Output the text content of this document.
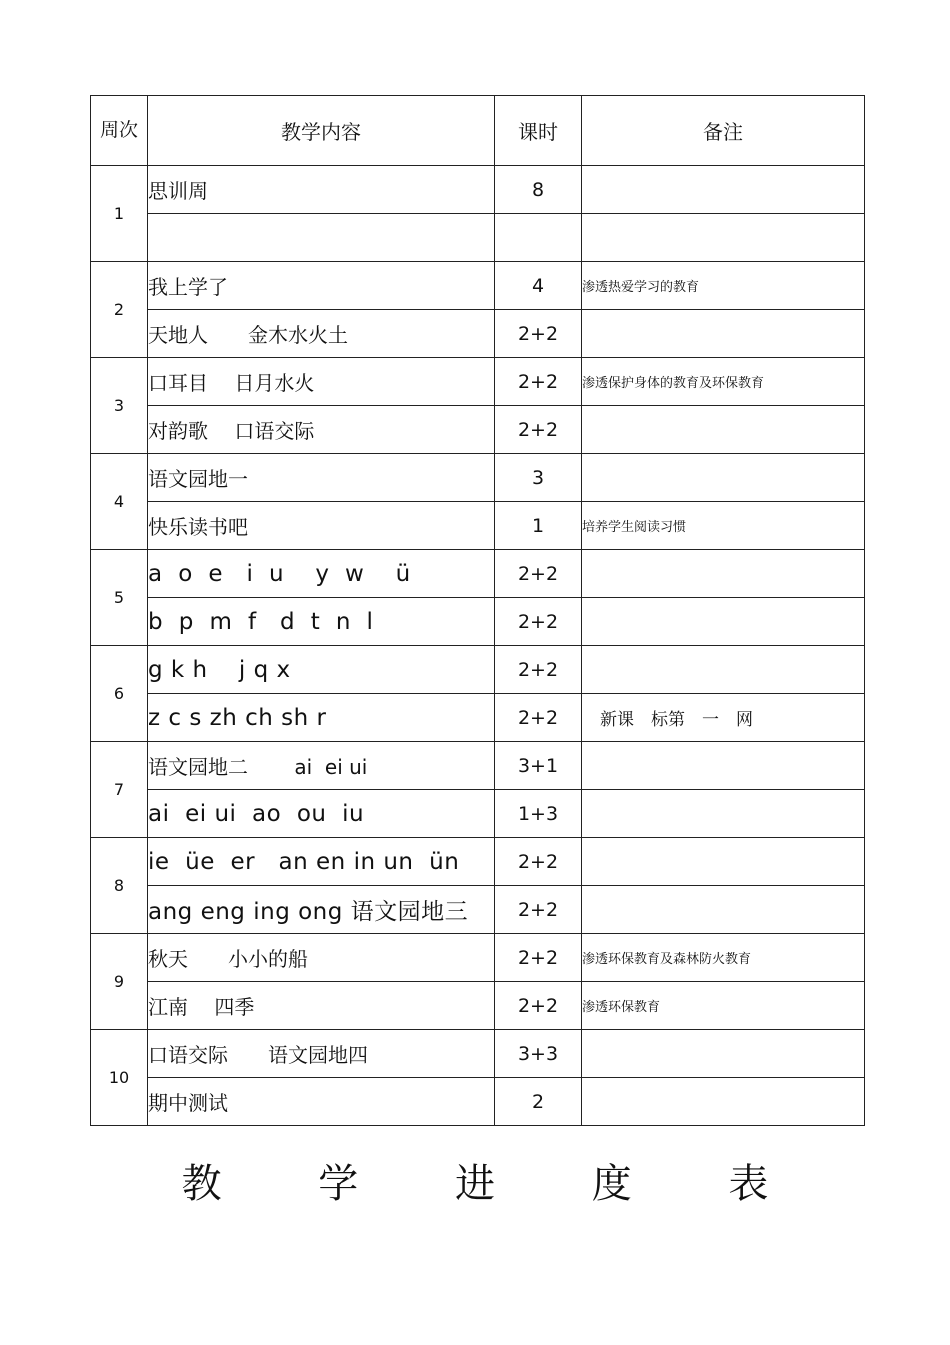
周次	教学内容	课时	备注
1	思训周	8	

2	我上学了	4	渗透热爱学习的教育
	天地人　　金木水火土	2+2	
3	口耳目　 日月水火	2+2	渗透保护身体的教育及环保教育
	对韵歌　 口语交际	2+2	
4	语文园地一	3	
	快乐读书吧	1	培养学生阅读习惯
5	a  o  e   i  u    y  w    ü	2+2	
	b  p  m  f   d  t  n  l	2+2	
6	g k h    j q x	2+2	
	z c s zh ch sh r	2+2	新课　标第　一　网
7	语文园地二　　 ai  ei ui	3+1	
	ai  ei ui  ao  ou  iu	1+3	
8	ie  üe  er   an en in un  ün	2+2	
	ang eng ing ong 语文园地三	2+2	
9	秋天　　小小的船	2+2	渗透环保教育及森林防火教育
	江南　 四季	2+2	渗透环保教育
10	口语交际　　语文园地四	3+3	
	期中测试	2	
教 学 进 度 表
